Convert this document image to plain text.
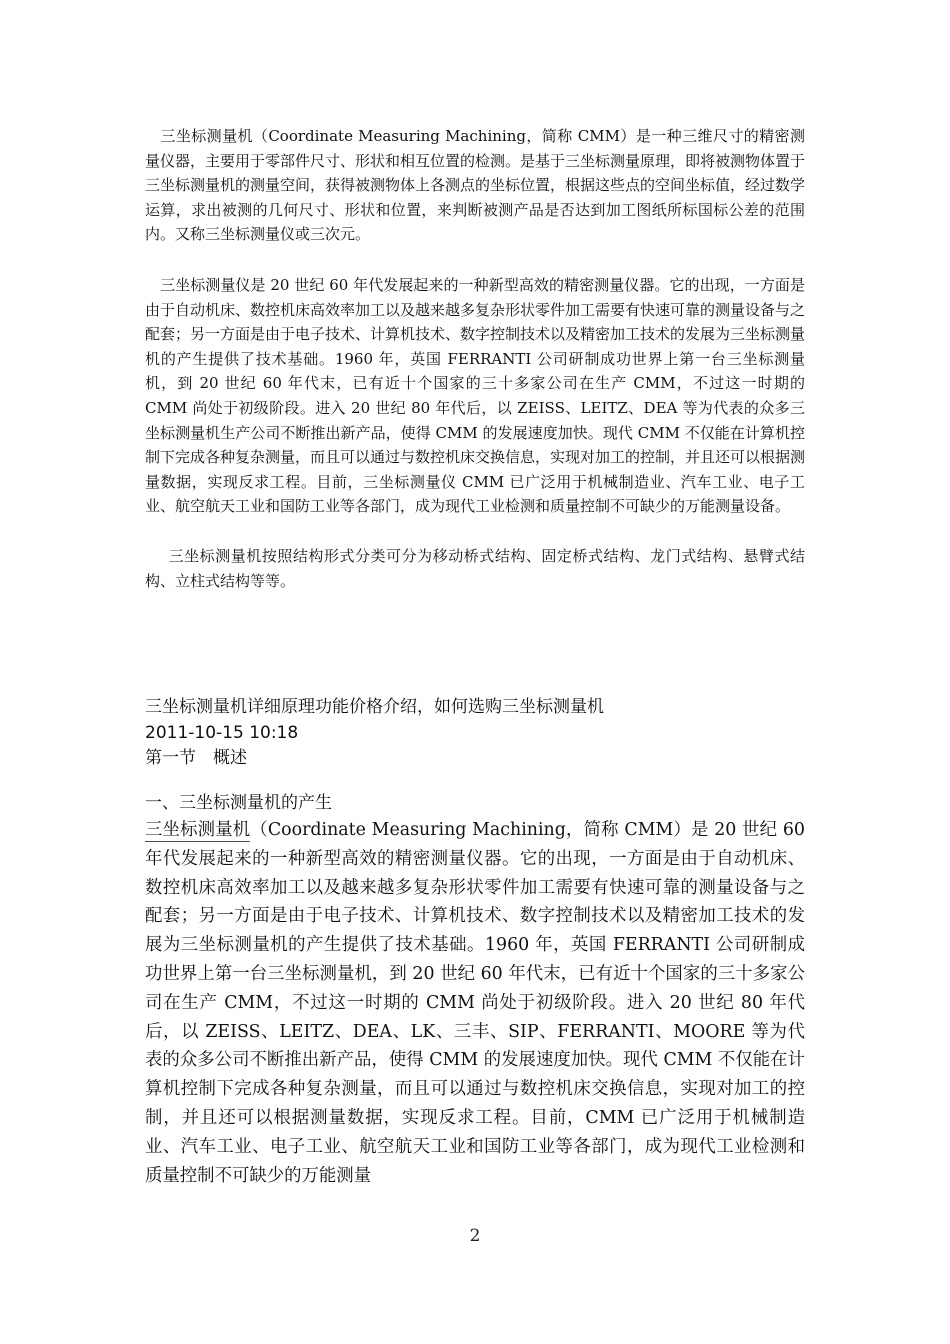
　三坐标测量机（Coordinate Measuring Machining，简称 CMM）是一种三维尺寸的精密测量仪器，主要用于零部件尺寸、形状和相互位置的检测。是基于三坐标测量原理，即将被测物体置于三坐标测量机的测量空间，获得被测物体上各测点的坐标位置，根据这些点的空间坐标值，经过数学运算，求出被测的几何尺寸、形状和位置，来判断被测产品是否达到加工图纸所标国标公差的范围内。又称三坐标测量仪或三次元。

　三坐标测量仪是 20 世纪 60 年代发展起来的一种新型高效的精密测量仪器。它的出现，一方面是由于自动机床、数控机床高效率加工以及越来越多复杂形状零件加工需要有快速可靠的测量设备与之配套；另一方面是由于电子技术、计算机技术、数字控制技术以及精密加工技术的发展为三坐标测量机的产生提供了技术基础。1960 年，英国 FERRANTI 公司研制成功世界上第一台三坐标测量机，到 20 世纪 60 年代末，已有近十个国家的三十多家公司在生产 CMM，不过这一时期的 CMM 尚处于初级阶段。进入 20 世纪 80 年代后，以 ZEISS、LEITZ、DEA 等为代表的众多三坐标测量机生产公司不断推出新产品，使得 CMM 的发展速度加快。现代 CMM 不仅能在计算机控制下完成各种复杂测量，而且可以通过与数控机床交换信息，实现对加工的控制，并且还可以根据测量数据，实现反求工程。目前，三坐标测量仪 CMM 已广泛用于机械制造业、汽车工业、电子工业、航空航天工业和国防工业等各部门，成为现代工业检测和质量控制不可缺少的万能测量设备。

　 三坐标测量机按照结构形式分类可分为移动桥式结构、固定桥式结构、龙门式结构、悬臂式结构、立柱式结构等等。

三坐标测量机详细原理功能价格介绍，如何选购三坐标测量机

2011-10-15 10:18

第一节　概述

一、三坐标测量机的产生

三坐标测量机（Coordinate Measuring Machining，简称 CMM）是 20 世纪 60 年代发展起来的一种新型高效的精密测量仪器。它的出现，一方面是由于自动机床、数控机床高效率加工以及越来越多复杂形状零件加工需要有快速可靠的测量设备与之配套；另一方面是由于电子技术、计算机技术、数字控制技术以及精密加工技术的发展为三坐标测量机的产生提供了技术基础。1960 年，英国 FERRANTI 公司研制成功世界上第一台三坐标测量机，到 20 世纪 60 年代末，已有近十个国家的三十多家公司在生产 CMM，不过这一时期的 CMM 尚处于初级阶段。进入 20 世纪 80 年代后，以 ZEISS、LEITZ、DEA、LK、三丰、SIP、FERRANTI、MOORE 等为代表的众多公司不断推出新产品，使得 CMM 的发展速度加快。现代 CMM 不仅能在计算机控制下完成各种复杂测量，而且可以通过与数控机床交换信息，实现对加工的控制，并且还可以根据测量数据，实现反求工程。目前，CMM 已广泛用于机械制造业、汽车工业、电子工业、航空航天工业和国防工业等各部门，成为现代工业检测和质量控制不可缺少的万能测量

2
